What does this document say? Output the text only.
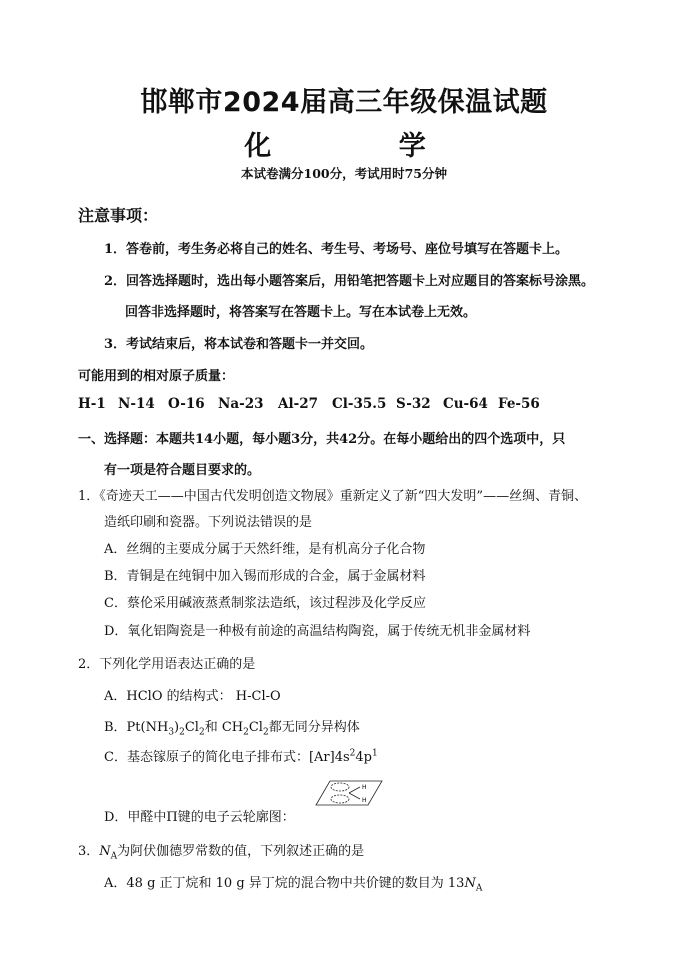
邯郸市2024届高三年级保温试题
化    学
本试卷满分100分，考试用时75分钟
注意事项：
1．答卷前，考生务必将自己的姓名、考生号、考场号、座位号填写在答题卡上。
2．回答选择题时，选出每小题答案后，用铅笔把答题卡上对应题目的答案标号涂黑。
回答非选择题时，将答案写在答题卡上。写在本试卷上无效。
3．考试结束后，将本试卷和答题卡一并交回。
可能用到的相对原子质量：
H-1 N-14 O-16 Na-23 Al-27 Cl-35.5 S-32 Cu-64 Fe-56
一、选择题：本题共14小题，每小题3分，共42分。在每小题给出的四个选项中，只
有一项是符合题目要求的。
1．《奇迹天工——中国古代发明创造文物展》重新定义了新“四大发明”——丝绸、青铜、
造纸印刷和瓷器。下列说法错误的是
A．丝绸的主要成分属于天然纤维，是有机高分子化合物
B．青铜是在纯铜中加入锡而形成的合金，属于金属材料
C．蔡伦采用碱液蒸煮制浆法造纸，该过程涉及化学反应
D．氧化铝陶瓷是一种极有前途的高温结构陶瓷，属于传统无机非金属材料
2．下列化学用语表达正确的是
A．HClO 的结构式： H-Cl-O
B．$Pt(NH_3)_2Cl_2$和 $CH_2Cl_2$都无同分异构体
C．基态镓原子的简化电子排布式：$[Ar]4s^24p^1$
D．甲醛中Π键的电子云轮廓图：
H
H
3．$N_A$为阿伏伽德罗常数的值，下列叙述正确的是
A．48 g 正丁烷和 10 g 异丁烷的混合物中共价键的数目为 $13N_A$
